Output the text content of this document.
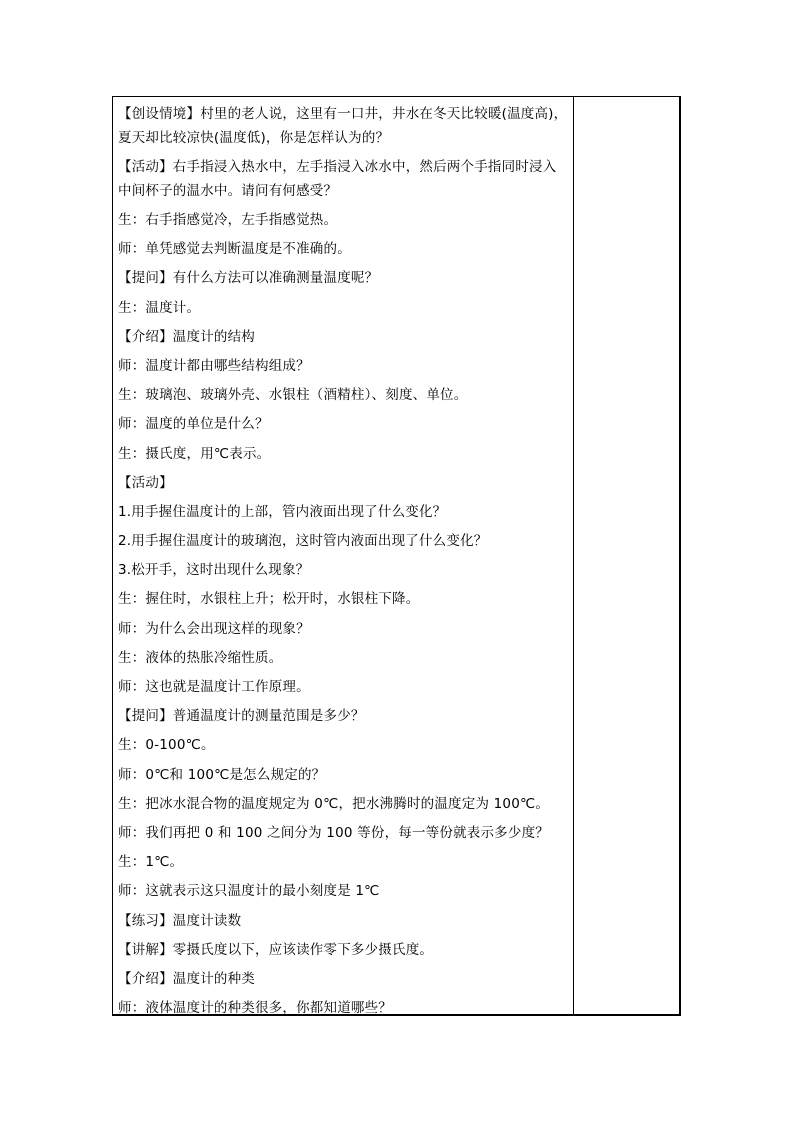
【创设情境】村里的老人说，这里有一口井，井水在冬天比较暖(温度高)，
夏天却比较凉快(温度低)，你是怎样认为的？
【活动】右手指浸入热水中，左手指浸入冰水中，然后两个手指同时浸入
中间杯子的温水中。请问有何感受？
生：右手指感觉冷，左手指感觉热。
师：单凭感觉去判断温度是不准确的。
【提问】有什么方法可以准确测量温度呢？
生：温度计。
【介绍】温度计的结构
师：温度计都由哪些结构组成？
生：玻璃泡、玻璃外壳、水银柱（酒精柱）、刻度、单位。
师：温度的单位是什么？
生：摄氏度，用℃表示。
【活动】
1.用手握住温度计的上部，管内液面出现了什么变化？
2.用手握住温度计的玻璃泡，这时管内液面出现了什么变化？
3.松开手，这时出现什么现象？
生：握住时，水银柱上升；松开时，水银柱下降。
师：为什么会出现这样的现象？
生：液体的热胀冷缩性质。
师：这也就是温度计工作原理。
【提问】普通温度计的测量范围是多少？
生：0-100℃。
师：0℃和 100℃是怎么规定的？
生：把冰水混合物的温度规定为 0℃，把水沸腾时的温度定为 100℃。
师：我们再把 0 和 100 之间分为 100 等份，每一等份就表示多少度？
生：1℃。
师：这就表示这只温度计的最小刻度是 1℃
【练习】温度计读数
【讲解】零摄氏度以下，应该读作零下多少摄氏度。
【介绍】温度计的种类
师：液体温度计的种类很多，你都知道哪些？
